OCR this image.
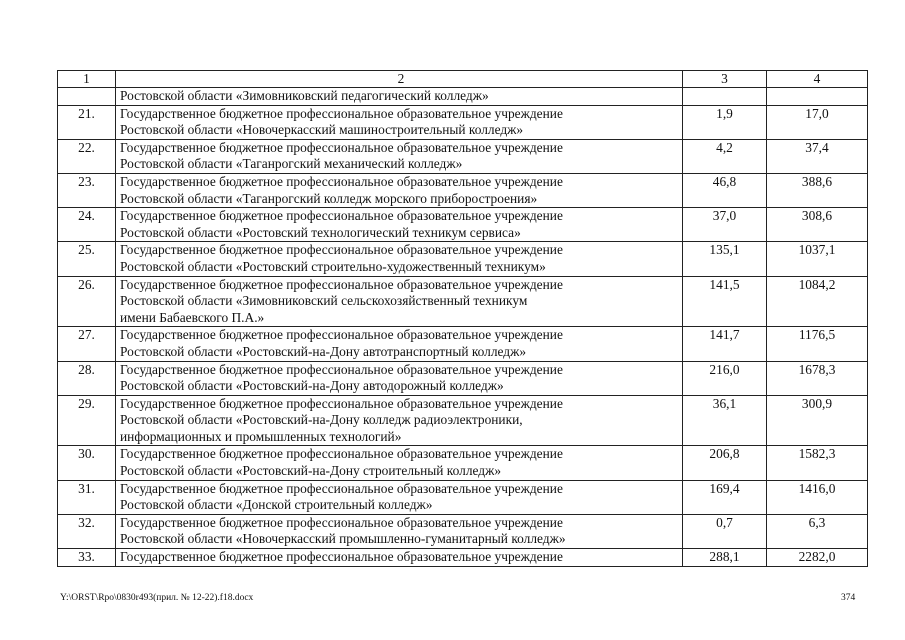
1	2	3	4

	Ростовской области «Зимовниковский педагогический колледж»		

21.	Государственное бюджетное профессиональное образовательное учреждение
Ростовской области «Новочеркасский машиностроительный колледж»	1,9	17,0
22.	Государственное бюджетное профессиональное образовательное учреждение
Ростовской области «Таганрогский механический колледж»	4,2	37,4
23.	Государственное бюджетное профессиональное образовательное учреждение
Ростовской области «Таганрогский колледж морского приборостроения»	46,8	388,6
24.	Государственное бюджетное профессиональное образовательное учреждение
Ростовской области «Ростовский технологический техникум сервиса»	37,0	308,6
25.	Государственное бюджетное профессиональное образовательное учреждение
Ростовской области «Ростовский строительно-художественный техникум»	135,1	1037,1
26.	Государственное бюджетное профессиональное образовательное учреждение
Ростовской области «Зимовниковский сельскохозяйственный техникум
имени Бабаевского П.А.»	141,5	1084,2
27.	Государственное бюджетное профессиональное образовательное учреждение
Ростовской области «Ростовский-на-Дону автотранспортный колледж»	141,7	1176,5
28.	Государственное бюджетное профессиональное образовательное учреждение
Ростовской области «Ростовский-на-Дону автодорожный колледж»	216,0	1678,3
29.	Государственное бюджетное профессиональное образовательное учреждение
Ростовской области «Ростовский-на-Дону колледж радиоэлектроники,
информационных и промышленных технологий»	36,1	300,9
30.	Государственное бюджетное профессиональное образовательное учреждение
Ростовской области «Ростовский-на-Дону строительный колледж»	206,8	1582,3
31.	Государственное бюджетное профессиональное образовательное учреждение
Ростовской области «Донской строительный колледж»	169,4	1416,0
32.	Государственное бюджетное профессиональное образовательное учреждение
Ростовской области «Новочеркасский промышленно-гуманитарный колледж»	0,7	6,3
33.	Государственное бюджетное профессиональное образовательное учреждение	288,1	2282,0
Y:\ORST\Rpo\0830r493(прил. № 12-22).f18.docx	374
